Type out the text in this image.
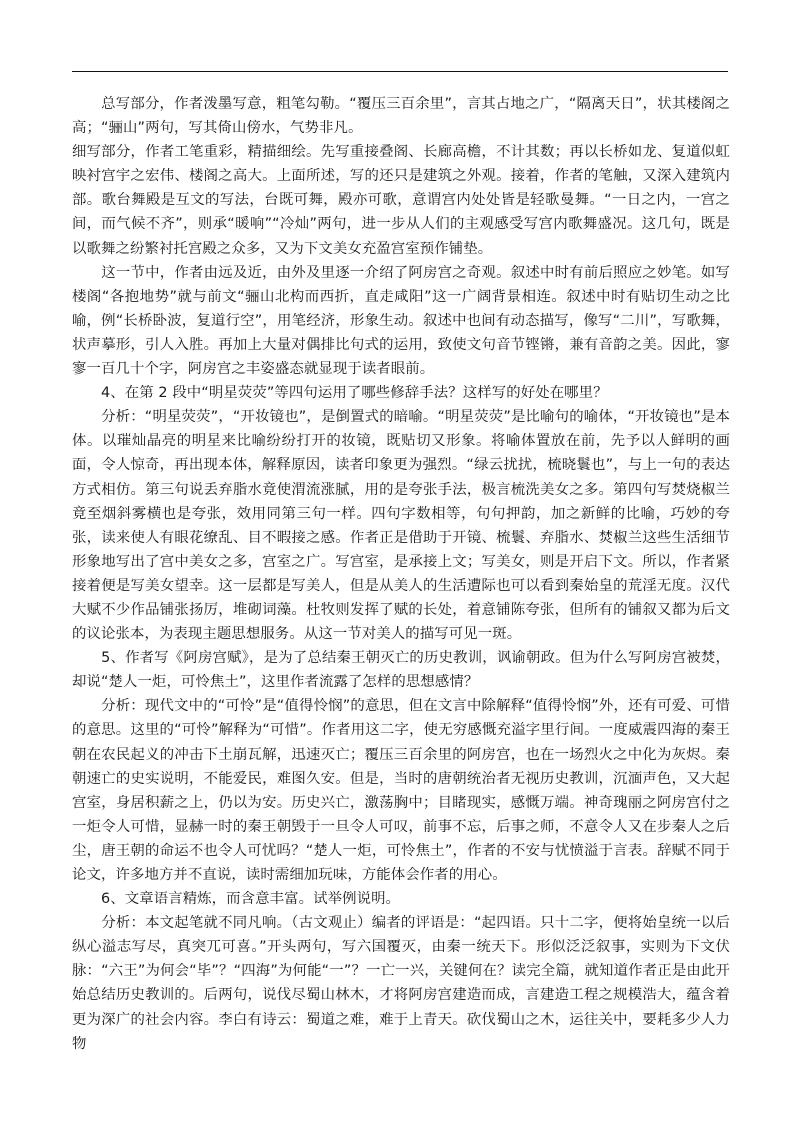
　　总写部分，作者泼墨写意，粗笔勾勒。“覆压三百余里”，言其占地之广，“隔离天日”，状其楼阁之高；“骊山”两句，写其倚山傍水，气势非凡。

细写部分，作者工笔重彩，精描细绘。先写重接叠阁、长廊高檐，不计其数；再以长桥如龙、复道似虹映衬宫宇之宏伟、楼阁之高大。上面所述，写的还只是建筑之外观。接着，作者的笔触，又深入建筑内部。歌台舞殿是互文的写法，台既可舞，殿亦可歌，意谓宫内处处皆是轻歌曼舞。“一日之内，一宫之间，而气候不齐”，则承“暖响”“冷灿”两句，进一步从人们的主观感受写宫内歌舞盛况。这几句，既是以歌舞之纷繁衬托宫殿之众多，又为下文美女充盈宫室预作铺垫。

　　这一节中，作者由远及近，由外及里逐一介绍了阿房宫之奇观。叙述中时有前后照应之妙笔。如写楼阁“各抱地势”就与前文“骊山北构而西折，直走咸阳”这一广阔背景相连。叙述中时有贴切生动之比喻，例“长桥卧波，复道行空”，用笔经济，形象生动。叙述中也间有动态描写，像写“二川”，写歌舞，状声摹形，引人入胜。再加上大量对偶排比句式的运用，致使文句音节铿锵，兼有音韵之美。因此，寥寥一百几十个字，阿房宫之丰姿盛态就显现于读者眼前。

　　4、在第 2 段中“明星荧荧”等四句运用了哪些修辞手法？这样写的好处在哪里？

　　分析：“明星荧荧”，“开妆镜也”，是倒置式的暗喻。“明星荧荧”是比喻句的喻体，“开妆镜也”是本体。以璀灿晶亮的明星来比喻纷纷打开的妆镜，既贴切又形象。将喻体置放在前，先予以人鲜明的画面，令人惊奇，再出现本体，解释原因，读者印象更为强烈。“绿云扰扰，梳晓鬟也”，与上一句的表达方式相仿。第三句说丢弃脂水竟使渭流涨腻，用的是夸张手法，极言梳洗美女之多。第四句写焚烧椒兰竟至烟斜雾横也是夸张，效用同第三句一样。四句字数相等，句句押韵，加之新鲜的比喻，巧妙的夸张，读来使人有眼花缭乱、目不暇接之感。作者正是借助于开镜、梳鬟、弃脂水、焚椒兰这些生活细节形象地写出了宫中美女之多，宫室之广。写宫室，是承接上文；写美女，则是开启下文。所以，作者紧接着便是写美女望幸。这一层都是写美人，但是从美人的生活遭际也可以看到秦始皇的荒淫无度。汉代大赋不少作品铺张扬厉，堆砌词藻。杜牧则发挥了赋的长处，着意铺陈夸张，但所有的铺叙又都为后文的议论张本，为表现主题思想服务。从这一节对美人的描写可见一斑。

　　5、作者写《阿房宫赋》，是为了总结秦王朝灭亡的历史教训，讽谕朝政。但为什么写阿房宫被焚，却说“楚人一炬，可怜焦土”，这里作者流露了怎样的思想感情？

　　分析：现代文中的“可怜”是“值得怜悯”的意思，但在文言中除解释“值得怜悯”外，还有可爱、可惜的意思。这里的“可怜”解释为“可惜”。作者用这二字，使无穷感慨充溢字里行间。一度威震四海的秦王朝在农民起义的冲击下土崩瓦解，迅速灭亡；覆压三百余里的阿房宫，也在一场烈火之中化为灰烬。秦朝速亡的史实说明，不能爱民，难图久安。但是，当时的唐朝统治者无视历史教训，沉湎声色，又大起宫室，身居积薪之上，仍以为安。历史兴亡，激荡胸中；目睹现实，感慨万端。神奇瑰丽之阿房宫付之一炬令人可惜，显赫一时的秦王朝毁于一旦令人可叹，前事不忘，后事之师，不意令人又在步秦人之后尘，唐王朝的命运不也令人可忧吗？“楚人一炬，可怜焦土”，作者的不安与忧愤溢于言表。辞赋不同于论文，许多地方并不直说，读时需细加玩味，方能体会作者的用心。

　　6、文章语言精炼，而含意丰富。试举例说明。

　　分析：本文起笔就不同凡响。（古文观止）编者的评语是：“起四语。只十二字，便将始皇统一以后纵心溢志写尽，真突兀可喜。”开头两句，写六国覆灭，由秦一统天下。形似泛泛叙事，实则为下文伏脉：“六王”为何会“毕”？“四海”为何能“一”？一亡一兴，关键何在？读完全篇，就知道作者正是由此开始总结历史教训的。后两句，说伐尽蜀山林木，才将阿房宫建造而成，言建造工程之规模浩大，蕴含着更为深广的社会内容。李白有诗云：蜀道之难，难于上青天。砍伐蜀山之木，运往关中，要耗多少人力物
